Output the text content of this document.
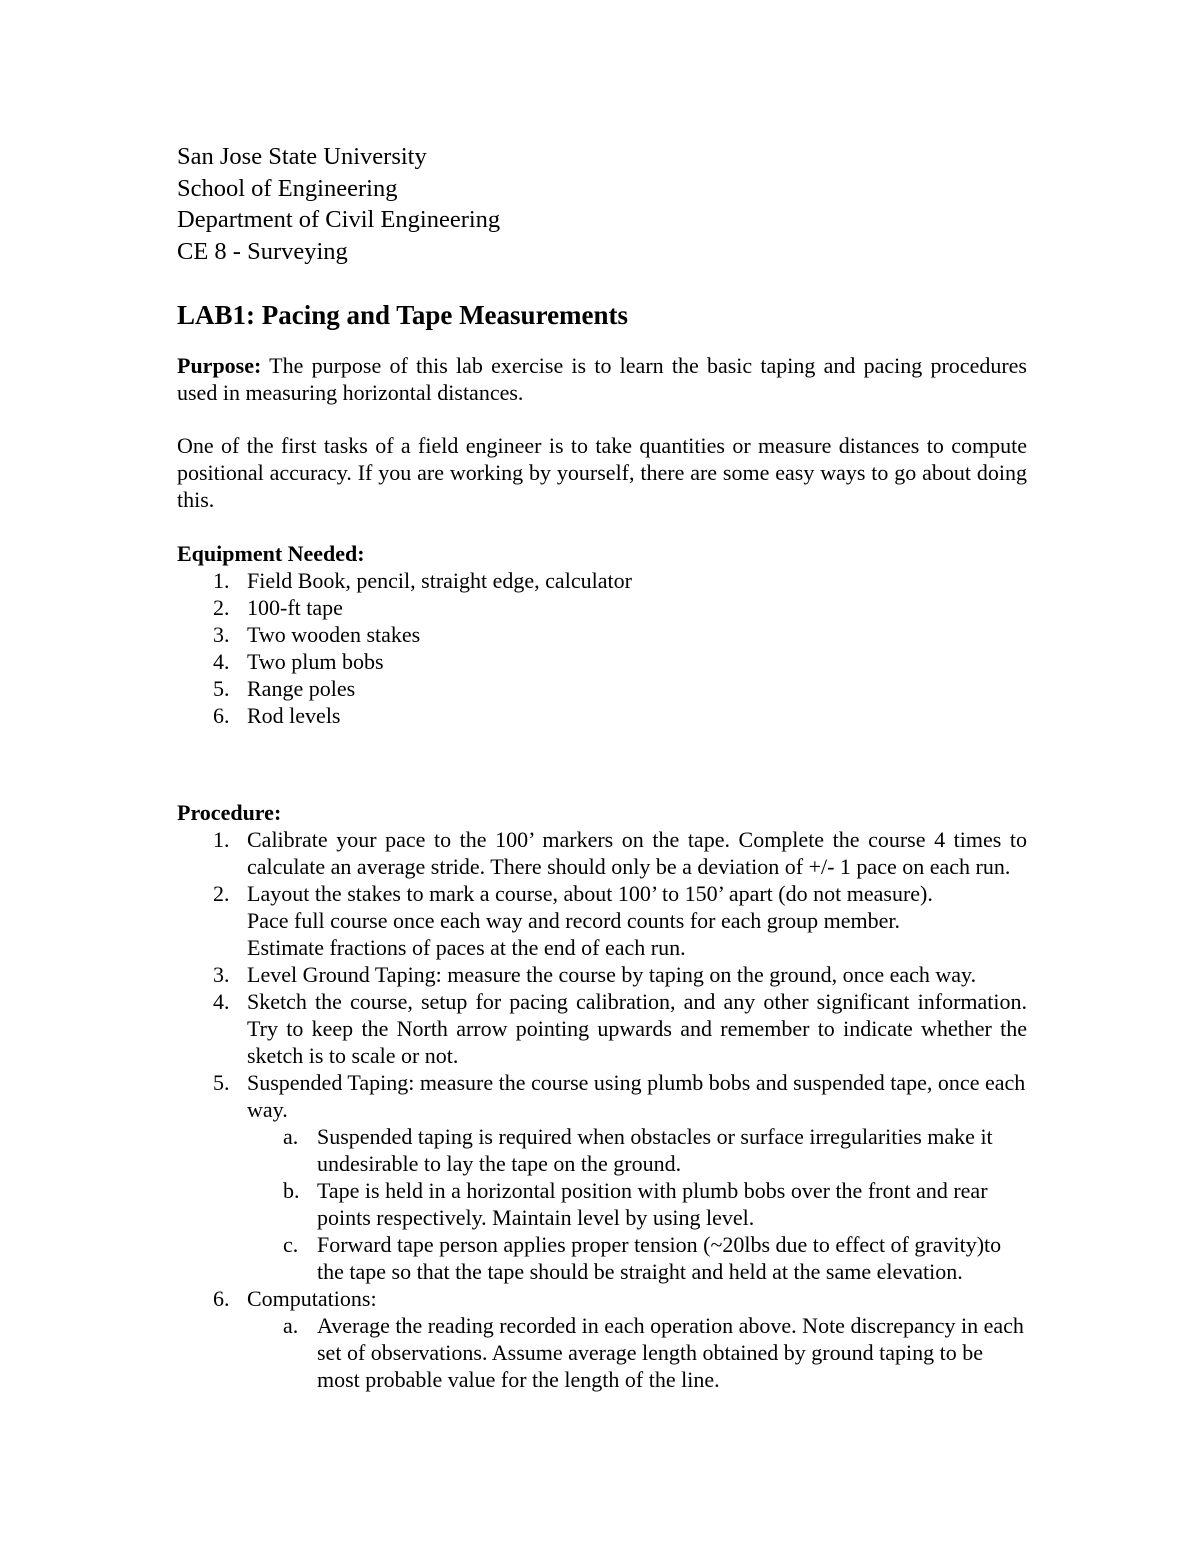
San Jose State University
School of Engineering
Department of Civil Engineering
CE 8 - Surveying
LAB1: Pacing and Tape Measurements

Purpose: The purpose of this lab exercise is to learn the basic taping and pacing procedures used in measuring horizontal distances.

One of the first tasks of a field engineer is to take quantities or measure distances to compute positional accuracy. If you are working by yourself, there are some easy ways to go about doing this.

Equipment Needed:
1. Field Book, pencil, straight edge, calculator
2. 100-ft tape
3. Two wooden stakes
4. Two plum bobs
5. Range poles
6. Rod levels
Procedure:
1. Calibrate your pace to the 100’ markers on the tape. Complete the course 4 times to calculate an average stride. There should only be a deviation of +/- 1 pace on each run.
2. Layout the stakes to mark a course, about 100’ to 150’ apart (do not measure).
Pace full course once each way and record counts for each group member.
Estimate fractions of paces at the end of each run.
3. Level Ground Taping: measure the course by taping on the ground, once each way.
4. Sketch the course, setup for pacing calibration, and any other significant information. Try to keep the North arrow pointing upwards and remember to indicate whether the sketch is to scale or not.
5. Suspended Taping: measure the course using plumb bobs and suspended tape, once each way.
a. Suspended taping is required when obstacles or surface irregularities make it undesirable to lay the tape on the ground.
b. Tape is held in a horizontal position with plumb bobs over the front and rear points respectively. Maintain level by using level.
c. Forward tape person applies proper tension (~20lbs due to effect of gravity)to the tape so that the tape should be straight and held at the same elevation.
6. Computations:
a. Average the reading recorded in each operation above. Note discrepancy in each set of observations. Assume average length obtained by ground taping to be most probable value for the length of the line.
